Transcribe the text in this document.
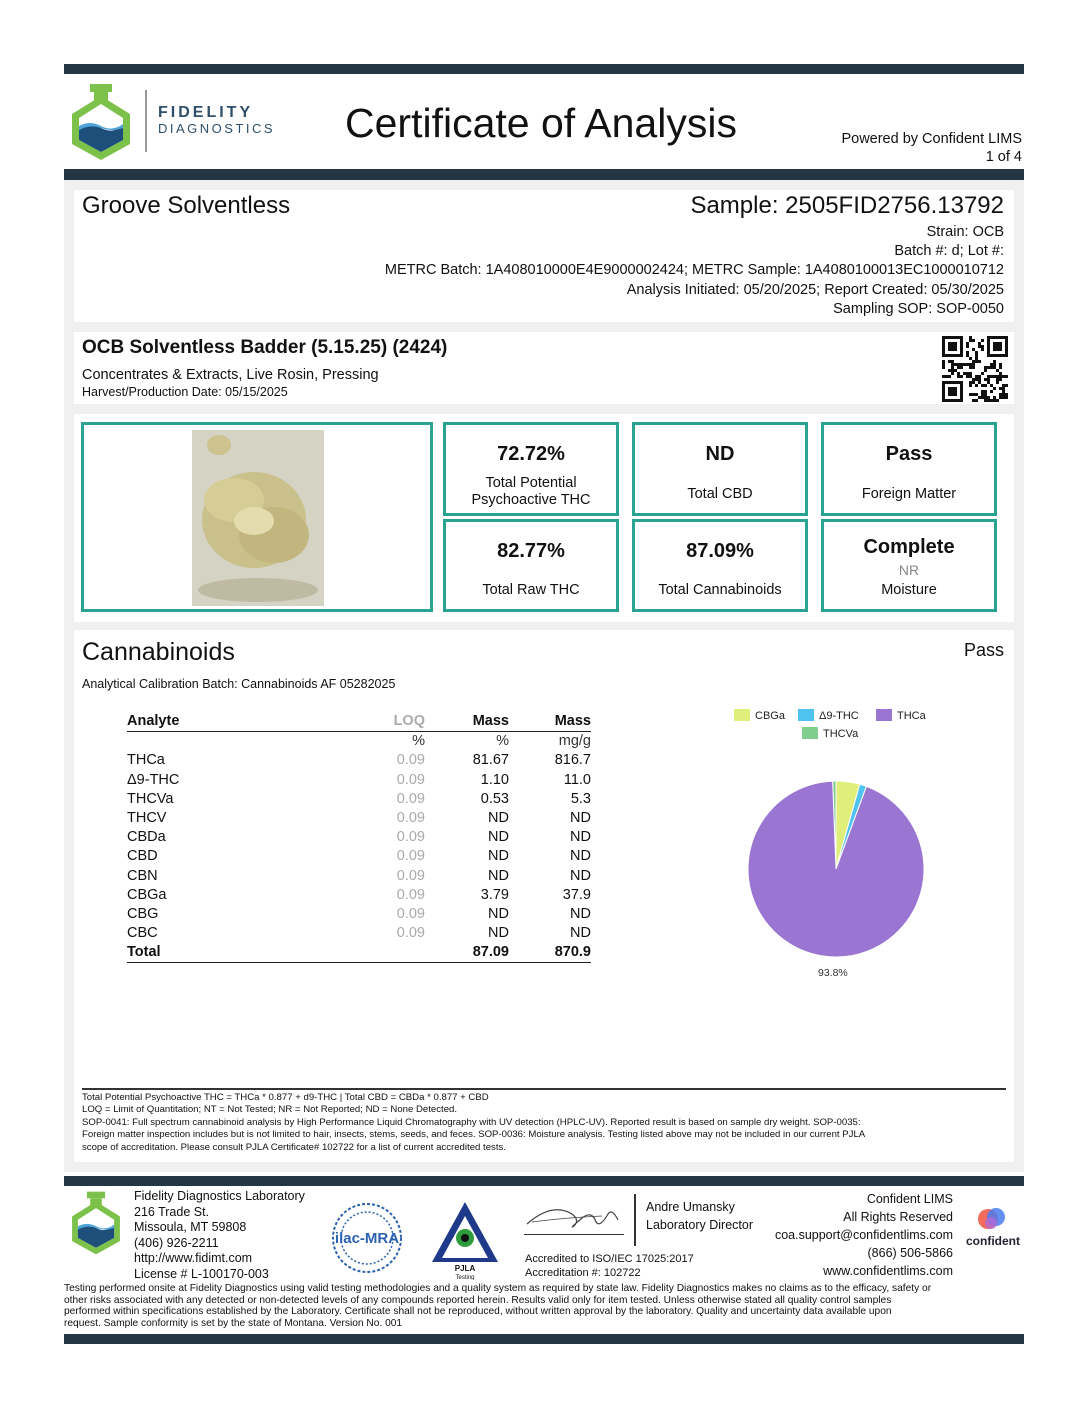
FIDELITY
DIAGNOSTICS Certificate of Analysis	Powered by Confident LIMS
1 of 4
Groove Solventless	Sample: 2505FID2756.13792
Strain: OCB
Batch #: d; Lot #:
METRC Batch: 1A408010000E4E9000002424; METRC Sample: 1A4080100013EC1000010712
Analysis Initiated: 05/20/2025; Report Created: 05/30/2025
Sampling SOP: SOP-0050
OCB Solventless Badder (5.15.25) (2424)
Concentrates & Extracts, Live Rosin, Pressing
Harvest/Production Date: 05/15/2025
72.72%
Total Potential
Psychoactive THC
ND
Total CBD
Pass
Foreign Matter
82.77%
Total Raw THC
87.09%
Total Cannabinoids
Complete
NR
Moisture
Cannabinoids	Pass
Analytical Calibration Batch: Cannabinoids AF 05282025
Analyte	LOQ	Mass	Mass
	%	%	mg/g
THCa	0.09	81.67	816.7
Δ9-THC	0.09	1.10	11.0
THCVa	0.09	0.53	5.3
THCV	0.09	ND	ND
CBDa	0.09	ND	ND
CBD	0.09	ND	ND
CBN	0.09	ND	ND
CBGa	0.09	3.79	37.9
CBG	0.09	ND	ND
CBC	0.09	ND	ND
Total		87.09	870.9
CBGa	Δ9-THC	THCa
THCVa
93.8%
Total Potential Psychoactive THC = THCa * 0.877 + d9-THC | Total CBD = CBDa * 0.877 + CBD
LOQ = Limit of Quantitation; NT = Not Tested; NR = Not Reported; ND = None Detected.
SOP-0041: Full spectrum cannabinoid analysis by High Performance Liquid Chromatography with UV detection (HPLC-UV). Reported result is based on sample dry weight. SOP-0035:
Foreign matter inspection includes but is not limited to hair, insects, stems, seeds, and feces. SOP-0036: Moisture analysis. Testing listed above may not be included in our current PJLA
scope of accreditation. Please consult PJLA Certificate# 102722 for a list of current accredited tests.
Fidelity Diagnostics Laboratory
216 Trade St.
Missoula, MT 59808
(406) 926-2211
http://www.fidimt.com
License # L-100170-003
ilac-MRA
PJLA
Testing
Andre Umansky
Laboratory Director
Accredited to ISO/IEC 17025:2017
Accreditation #: 102722
Confident LIMS
All Rights Reserved
coa.support@confidentlims.com
(866) 506-5866
www.confidentlims.com
confident
Testing performed onsite at Fidelity Diagnostics using valid testing methodologies and a quality system as required by state law. Fidelity Diagnostics makes no claims as to the efficacy, safety or
other risks associated with any detected or non-detected levels of any compounds reported herein. Results valid only for item tested. Unless otherwise stated all quality control samples
performed within specifications established by the Laboratory. Certificate shall not be reproduced, without written approval by the laboratory. Quality and uncertainty data available upon
request. Sample conformity is set by the state of Montana. Version No. 001
